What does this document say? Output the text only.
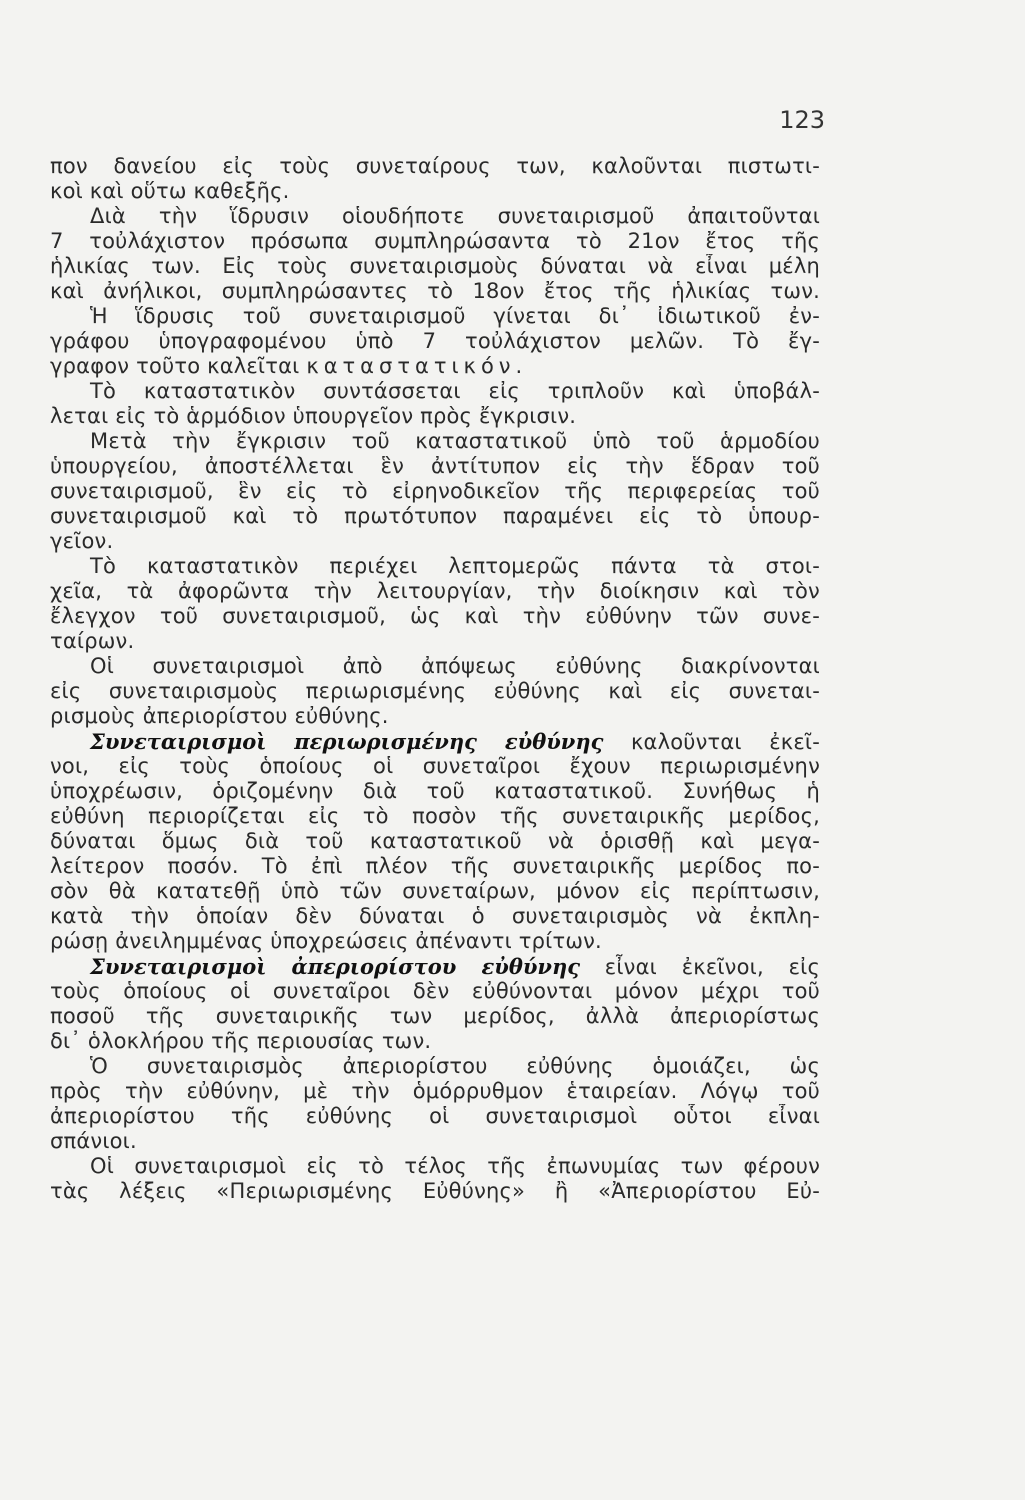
123
πον δανείου εἰς τοὺς συνεταίρους των, καλοῦνται πιστωτι-
κοὶ καὶ οὕτω καθεξῆς.
Διὰ τὴν ἵδρυσιν οἱουδήποτε συνεταιρισμοῦ ἀπαιτοῦνται
7 τοὐλάχιστον πρόσωπα συμπληρώσαντα τὸ 21ον ἔτος τῆς
ἡλικίας των. Εἰς τοὺς συνεταιρισμοὺς δύναται νὰ εἶναι μέλη
καὶ ἀνήλικοι, συμπληρώσαντες τὸ 18ον ἔτος τῆς ἡλικίας των.
Ἡ ἵδρυσις τοῦ συνεταιρισμοῦ γίνεται δι᾽ ἰδιωτικοῦ ἐν-
γράφου ὑπογραφομένου ὑπὸ 7 τοὐλάχιστον μελῶν. Τὸ ἔγ-
γραφον τοῦτο καλεῖται καταστατικόν.
Τὸ καταστατικὸν συντάσσεται εἰς τριπλοῦν καὶ ὑποβάλ-
λεται εἰς τὸ ἁρμόδιον ὑπουργεῖον πρὸς ἔγκρισιν.
Μετὰ τὴν ἔγκρισιν τοῦ καταστατικοῦ ὑπὸ τοῦ ἁρμοδίου
ὑπουργείου, ἀποστέλλεται ἓν ἀντίτυπον εἰς τὴν ἕδραν τοῦ
συνεταιρισμοῦ, ἓν εἰς τὸ εἰρηνοδικεῖον τῆς περιφερείας τοῦ
συνεταιρισμοῦ καὶ τὸ πρωτότυπον παραμένει εἰς τὸ ὑπουρ-
γεῖον.
Τὸ καταστατικὸν περιέχει λεπτομερῶς πάντα τὰ στοι-
χεῖα, τὰ ἀφορῶντα τὴν λειτουργίαν, τὴν διοίκησιν καὶ τὸν
ἔλεγχον τοῦ συνεταιρισμοῦ, ὡς καὶ τὴν εὐθύνην τῶν συνε-
ταίρων.
Οἱ συνεταιρισμοὶ ἀπὸ ἀπόψεως εὐθύνης διακρίνονται
εἰς συνεταιρισμοὺς περιωρισμένης εὐθύνης καὶ εἰς συνεται-
ρισμοὺς ἀπεριορίστου εὐθύνης.
Συνεταιρισμοὶ περιωρισμένης εὐθύνης καλοῦνται ἐκεῖ-
νοι, εἰς τοὺς ὁποίους οἱ συνεταῖροι ἔχουν περιωρισμένην
ὑποχρέωσιν, ὁριζομένην διὰ τοῦ καταστατικοῦ. Συνήθως ἡ
εὐθύνη περιορίζεται εἰς τὸ ποσὸν τῆς συνεταιρικῆς μερίδος,
δύναται ὅμως διὰ τοῦ καταστατικοῦ νὰ ὁρισθῇ καὶ μεγα-
λείτερον ποσόν. Τὸ ἐπὶ πλέον τῆς συνεταιρικῆς μερίδος πο-
σὸν θὰ κατατεθῇ ὑπὸ τῶν συνεταίρων, μόνον εἰς περίπτωσιν,
κατὰ τὴν ὁποίαν δὲν δύναται ὁ συνεταιρισμὸς νὰ ἐκπλη-
ρώσῃ ἀνειλημμένας ὑποχρεώσεις ἀπέναντι τρίτων.
Συνεταιρισμοὶ ἀπεριορίστου εὐθύνης εἶναι ἐκεῖνοι, εἰς
τοὺς ὁποίους οἱ συνεταῖροι δὲν εὐθύνονται μόνον μέχρι τοῦ
ποσοῦ τῆς συνεταιρικῆς των μερίδος, ἀλλὰ ἀπεριορίστως
δι᾽ ὁλοκλήρου τῆς περιουσίας των.
Ὁ συνεταιρισμὸς ἀπεριορίστου εὐθύνης ὁμοιάζει, ὡς
πρὸς τὴν εὐθύνην, μὲ τὴν ὁμόρρυθμον ἑταιρείαν. Λόγῳ τοῦ
ἀπεριορίστου τῆς εὐθύνης οἱ συνεταιρισμοὶ οὗτοι εἶναι
σπάνιοι.
Οἱ συνεταιρισμοὶ εἰς τὸ τέλος τῆς ἐπωνυμίας των φέρουν
τὰς λέξεις «Περιωρισμένης Εὐθύνης» ἢ «Ἀπεριορίστου Εὐ-
